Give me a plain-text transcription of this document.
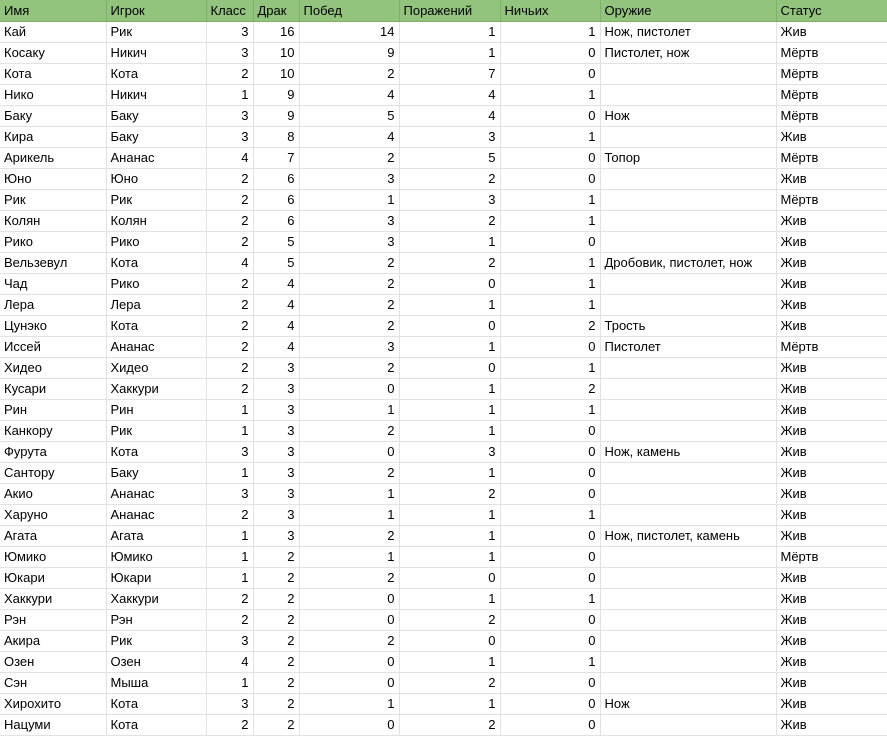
Имя	Игрок	Класс	Драк	Побед	Поражений	Ничьих	Оружие	Статус
Кай	Рик	3	16	14	1	1	Нож, пистолет	Жив
Косаку	Никич	3	10	9	1	0	Пистолет, нож	Мёртв
Кота	Кота	2	10	2	7	0		Мёртв
Нико	Никич	1	9	4	4	1		Мёртв
Баку	Баку	3	9	5	4	0	Нож	Мёртв
Кира	Баку	3	8	4	3	1		Жив
Арикель	Ананас	4	7	2	5	0	Топор	Мёртв
Юно	Юно	2	6	3	2	0		Жив
Рик	Рик	2	6	1	3	1		Мёртв
Колян	Колян	2	6	3	2	1		Жив
Рико	Рико	2	5	3	1	0		Жив
Вельзевул	Кота	4	5	2	2	1	Дробовик, пистолет, нож	Жив
Чад	Рико	2	4	2	0	1		Жив
Лера	Лера	2	4	2	1	1		Жив
Цунэко	Кота	2	4	2	0	2	Трость	Жив
Иссей	Ананас	2	4	3	1	0	Пистолет	Мёртв
Хидео	Хидео	2	3	2	0	1		Жив
Кусари	Хаккури	2	3	0	1	2		Жив
Рин	Рин	1	3	1	1	1		Жив
Канкору	Рик	1	3	2	1	0		Жив
Фурута	Кота	3	3	0	3	0	Нож, камень	Жив
Сантору	Баку	1	3	2	1	0		Жив
Акио	Ананас	3	3	1	2	0		Жив
Харуно	Ананас	2	3	1	1	1		Жив
Агата	Агата	1	3	2	1	0	Нож, пистолет, камень	Жив
Юмико	Юмико	1	2	1	1	0		Мёртв
Юкари	Юкари	1	2	2	0	0		Жив
Хаккури	Хаккури	2	2	0	1	1		Жив
Рэн	Рэн	2	2	0	2	0		Жив
Акира	Рик	3	2	2	0	0		Жив
Озен	Озен	4	2	0	1	1		Жив
Сэн	Мыша	1	2	0	2	0		Жив
Хирохито	Кота	3	2	1	1	0	Нож	Жив
Нацуми	Кота	2	2	0	2	0		Жив
